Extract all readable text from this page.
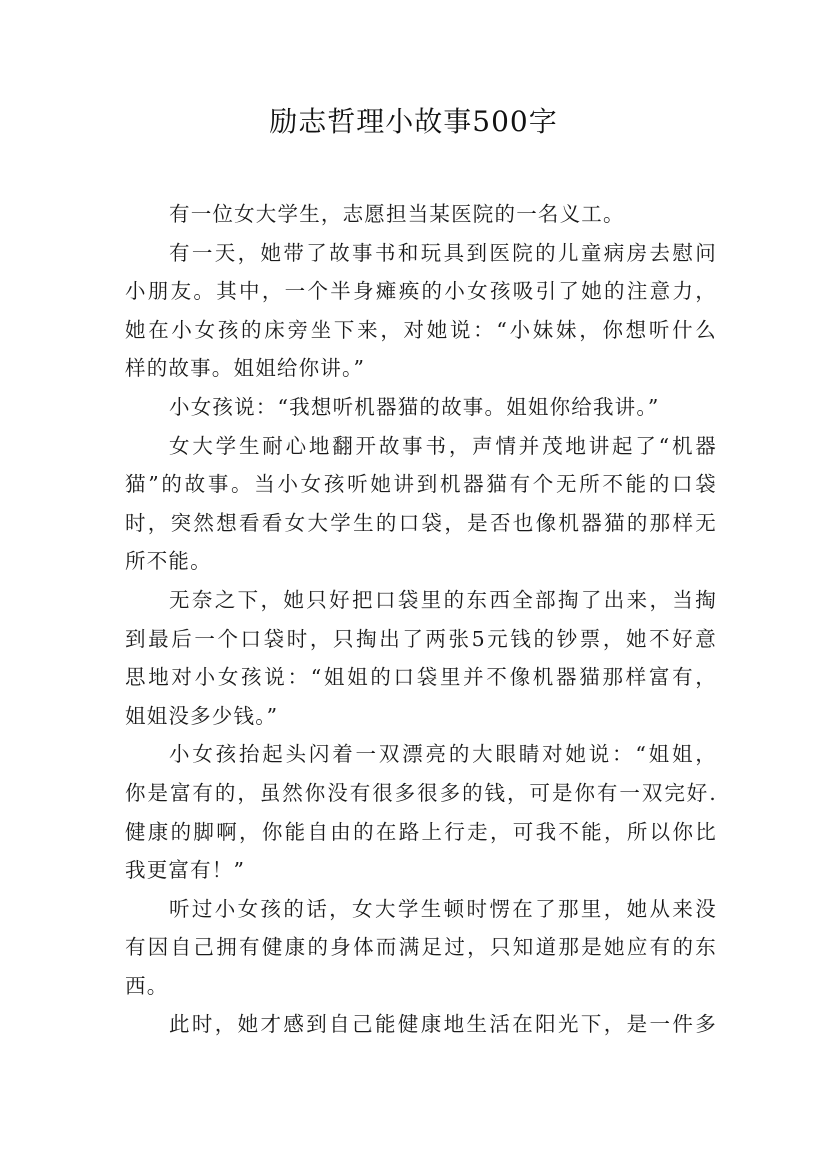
励志哲理小故事500字
有一位女大学生，志愿担当某医院的一名义工。
有一天，她带了故事书和玩具到医院的儿童病房去慰问
小朋友。其中，一个半身瘫痪的小女孩吸引了她的注意力，
她在小女孩的床旁坐下来，对她说：“小妹妹，你想听什么
样的故事。姐姐给你讲。”
小女孩说：“我想听机器猫的故事。姐姐你给我讲。”
女大学生耐心地翻开故事书，声情并茂地讲起了“机器
猫”的故事。当小女孩听她讲到机器猫有个无所不能的口袋
时，突然想看看女大学生的口袋，是否也像机器猫的那样无
所不能。
无奈之下，她只好把口袋里的东西全部掏了出来，当掏
到最后一个口袋时，只掏出了两张5元钱的钞票，她不好意
思地对小女孩说：“姐姐的口袋里并不像机器猫那样富有，
姐姐没多少钱。”
小女孩抬起头闪着一双漂亮的大眼睛对她说：“姐姐，
你是富有的，虽然你没有很多很多的钱，可是你有一双完好.
健康的脚啊，你能自由的在路上行走，可我不能，所以你比
我更富有！”
听过小女孩的话，女大学生顿时愣在了那里，她从来没
有因自己拥有健康的身体而满足过，只知道那是她应有的东
西。
此时，她才感到自己能健康地生活在阳光下，是一件多
